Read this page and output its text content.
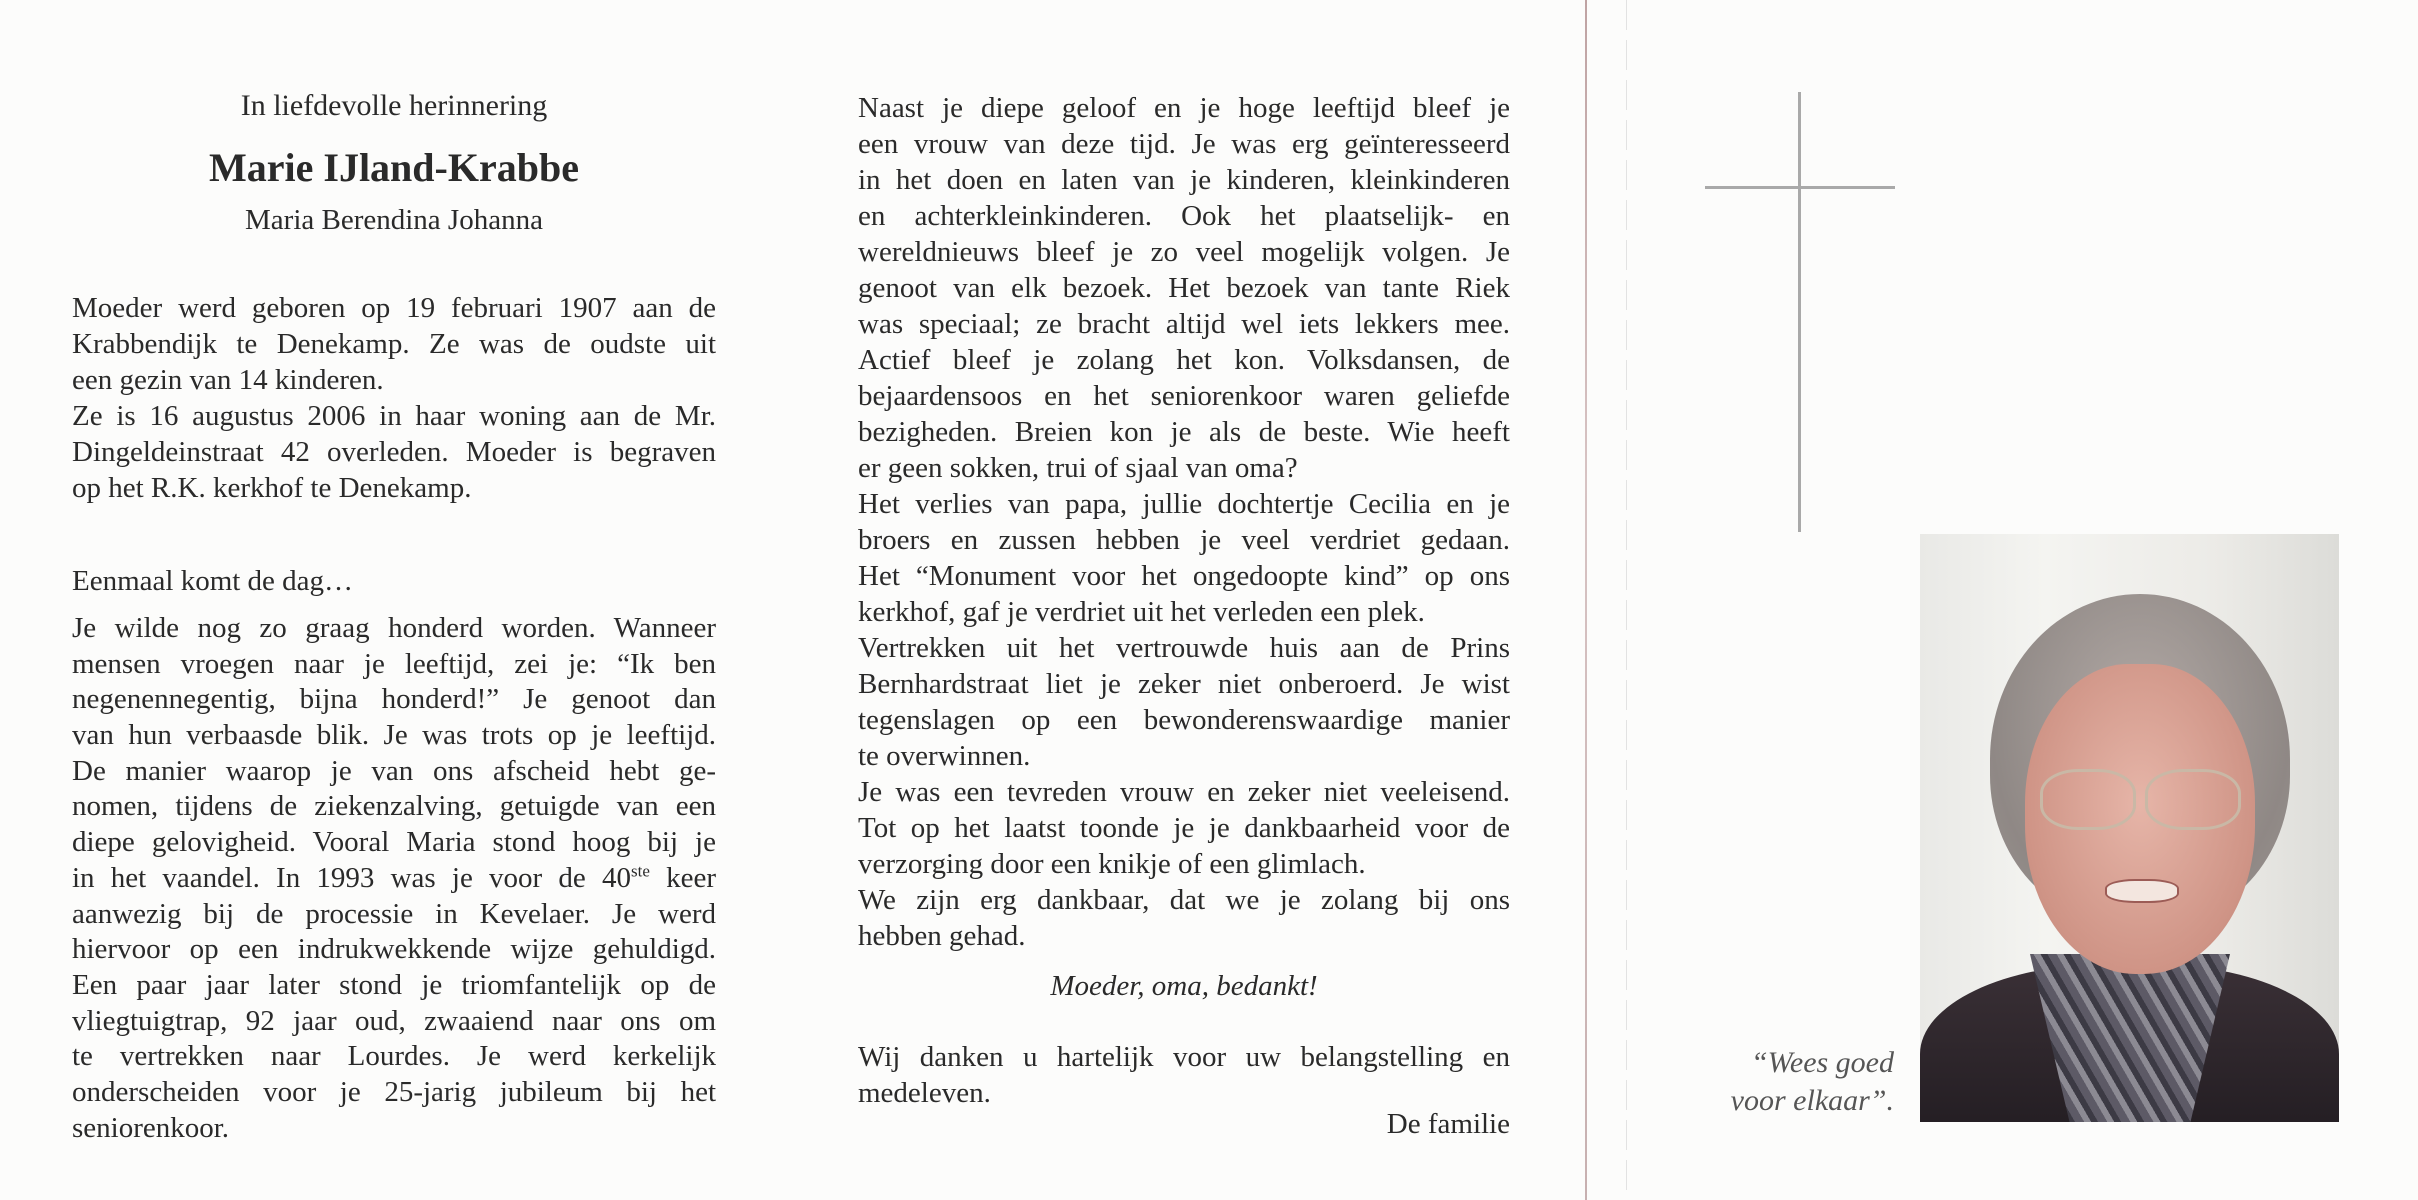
In liefdevolle herinnering
Marie IJland-Krabbe
Maria Berendina Johanna
Moeder werd geboren op 19 februari 1907 aan de
Krabbendijk te Denekamp. Ze was de oudste uit
een gezin van 14 kinderen.
Ze is 16 augustus 2006 in haar woning aan de Mr.
Dingeldeinstraat 42 overleden. Moeder is begraven
op het R.K. kerkhof te Denekamp.
Eenmaal komt de dag…
Je wilde nog zo graag honderd worden. Wanneer
mensen vroegen naar je leeftijd, zei je: “Ik ben
negenennegentig, bijna honderd!” Je genoot dan
van hun verbaasde blik. Je was trots op je leeftijd.
De manier waarop je van ons afscheid hebt ge-
nomen, tijdens de ziekenzalving, getuigde van een
diepe gelovigheid. Vooral Maria stond hoog bij je
in het vaandel. In 1993 was je voor de 40ste keer
aanwezig bij de processie in Kevelaer. Je werd
hiervoor op een indrukwekkende wijze gehuldigd.
Een paar jaar later stond je triomfantelijk op de
vliegtuigtrap, 92 jaar oud, zwaaiend naar ons om
te vertrekken naar Lourdes. Je werd kerkelijk
onderscheiden voor je 25-jarig jubileum bij het
seniorenkoor.
Naast je diepe geloof en je hoge leeftijd bleef je
een vrouw van deze tijd. Je was erg geïnteresseerd
in het doen en laten van je kinderen, kleinkinderen
en achterkleinkinderen. Ook het plaatselijk- en
wereldnieuws bleef je zo veel mogelijk volgen. Je
genoot van elk bezoek. Het bezoek van tante Riek
was speciaal; ze bracht altijd wel iets lekkers mee.
Actief bleef je zolang het kon. Volksdansen, de
bejaardensoos en het seniorenkoor waren geliefde
bezigheden. Breien kon je als de beste. Wie heeft
er geen sokken, trui of sjaal van oma?
Het verlies van papa, jullie dochtertje Cecilia en je
broers en zussen hebben je veel verdriet gedaan.
Het “Monument voor het ongedoopte kind” op ons
kerkhof, gaf je verdriet uit het verleden een plek.
Vertrekken uit het vertrouwde huis aan de Prins
Bernhardstraat liet je zeker niet onberoerd. Je wist
tegenslagen op een bewonderenswaardige manier
te overwinnen.
Je was een tevreden vrouw en zeker niet veeleisend.
Tot op het laatst toonde je je dankbaarheid voor de
verzorging door een knikje of een glimlach.
We zijn erg dankbaar, dat we je zolang bij ons
hebben gehad.
Moeder, oma, bedankt!
Wij danken u hartelijk voor uw belangstelling en
medeleven.
De familie
“Wees goed
voor elkaar”.
